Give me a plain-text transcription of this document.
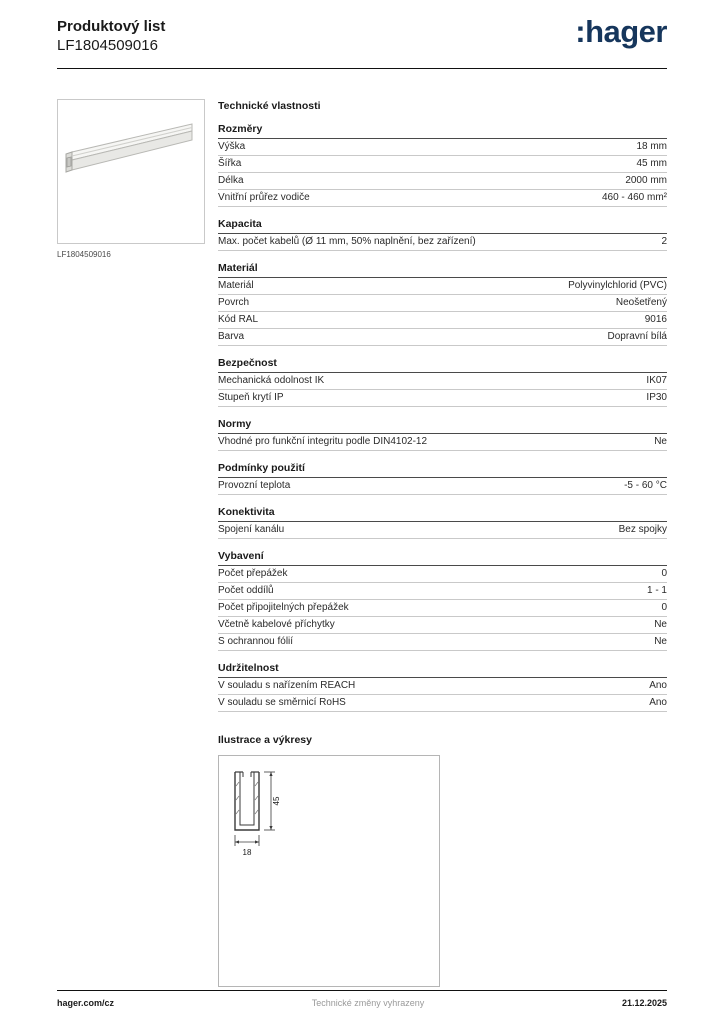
Produktový list
LF1804509016	:hager
LF1804509016
Technické vlastnosti
Rozměry
Výška	18 mm
Šířka	45 mm
Délka	2000 mm
Vnitřní průřez vodiče	460 - 460 mm²
Kapacita
Max. počet kabelů (Ø 11 mm, 50% naplnění, bez zařízení)	2
Materiál
Materiál	Polyvinylchlorid (PVC)
Povrch	Neošetřený
Kód RAL	9016
Barva	Dopravní bílá
Bezpečnost
Mechanická odolnost IK	IK07
Stupeň krytí IP	IP30
Normy
Vhodné pro funkční integritu podle DIN4102-12	Ne
Podmínky použití
Provozní teplota	-5 - 60 °C
Konektivita
Spojení kanálu	Bez spojky
Vybavení
Počet přepážek	0
Počet oddílů	1 - 1
Počet připojitelných přepážek	0
Včetně kabelové příchytky	Ne
S ochrannou fólií	Ne
Udržitelnost
V souladu s nařízením REACH	Ano
V souladu se směrnicí RoHS	Ano
Ilustrace a výkresy
18
45
hager.com/cz	Technické změny vyhrazeny	21.12.2025
